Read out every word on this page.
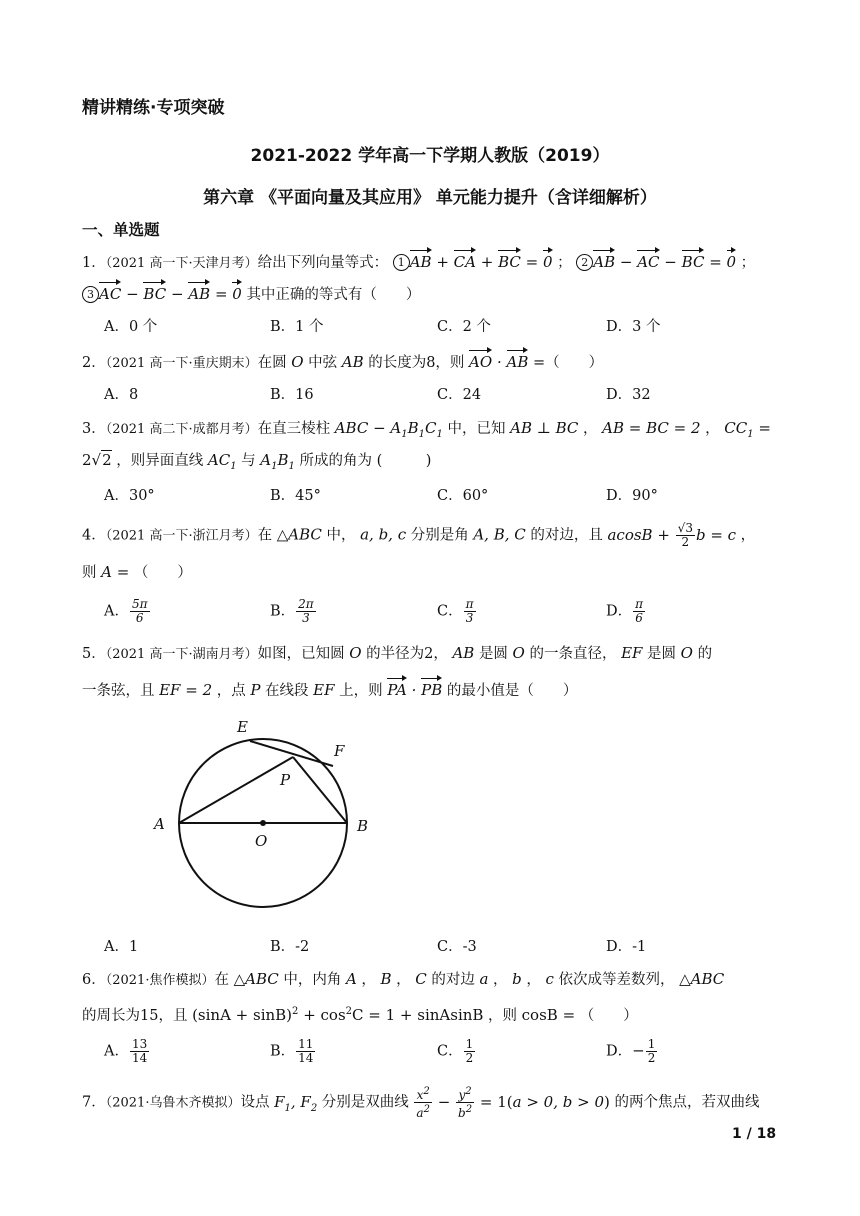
精讲精练·专项突破
2021-2022 学年高一下学期人教版（2019）
第六章 《平面向量及其应用》 单元能力提升（含详细解析）
一、单选题
1．（2021 高一下·天津月考）给出下列向量等式： 1 AB + CA + BC = 0 ； 2 AB − AC − BC = 0 ；
3 AC − BC − AB = 0 其中正确的等式有（　　）
A．0 个	B．1 个	C．2 个	D．3 个
2．（2021 高一下·重庆期末）在圆 O 中弦 AB 的长度为8，则 AO · AB =（　　）
A．8	B．16	C．24	D．32
3．（2021 高二下·成都月考）在直三棱柱 ABC − $A_1B_1C_1$ 中，已知 AB ⊥ BC ， AB = BC = 2 ， $CC_1$ =
2√2 ，则异面直线 $AC_1$ 与 $A_1B_1$ 所成的角为 (　　　)
A．30°	B．45°	C．60°	D．90°
4．（2021 高一下·浙江月考）在 △ABC 中， a, b, c 分别是角 A, B, C 的对边，且 $acosB + \frac{√3}{2}$ b = c ，
则 A = （　　）
A． $\frac{5\pi}{6}$	B． $\frac{2\pi}{3}$	C． $\frac{\pi}{3}$	D． $\frac{\pi}{6}$
5．（2021 高一下·湖南月考）如图，已知圆 O 的半径为2， AB 是圆 O 的一条直径， EF 是圆 O 的
一条弦，且 EF = 2 ，点 P 在线段 EF 上，则 PA · PB 的最小值是（　　）
E
F
P
A
O
B
A．1	B．-2	C．-3	D．-1
6．（2021·焦作模拟）在 △ABC 中，内角 A ， B ， C 的对边 a ， b ， c 依次成等差数列， △ABC
的周长为15，且 $(\sin A + \sin B)^2 + \cos^2C = 1$ + sinAsinB ，则 cosB = （　　）
A． $\frac{13}{14}$	B． $\frac{11}{14}$	C． $\frac{1}{2}$	D．− $\frac{1}{2}$
7．（2021·乌鲁木齐模拟）设点 $F_1$, $F_2$ 分别是双曲线 $\frac{x^2}{a^2} - \frac{y^2}{b^2} = 1(a > 0$, b > 0) 的两个焦点，若双曲线
1 / 18
